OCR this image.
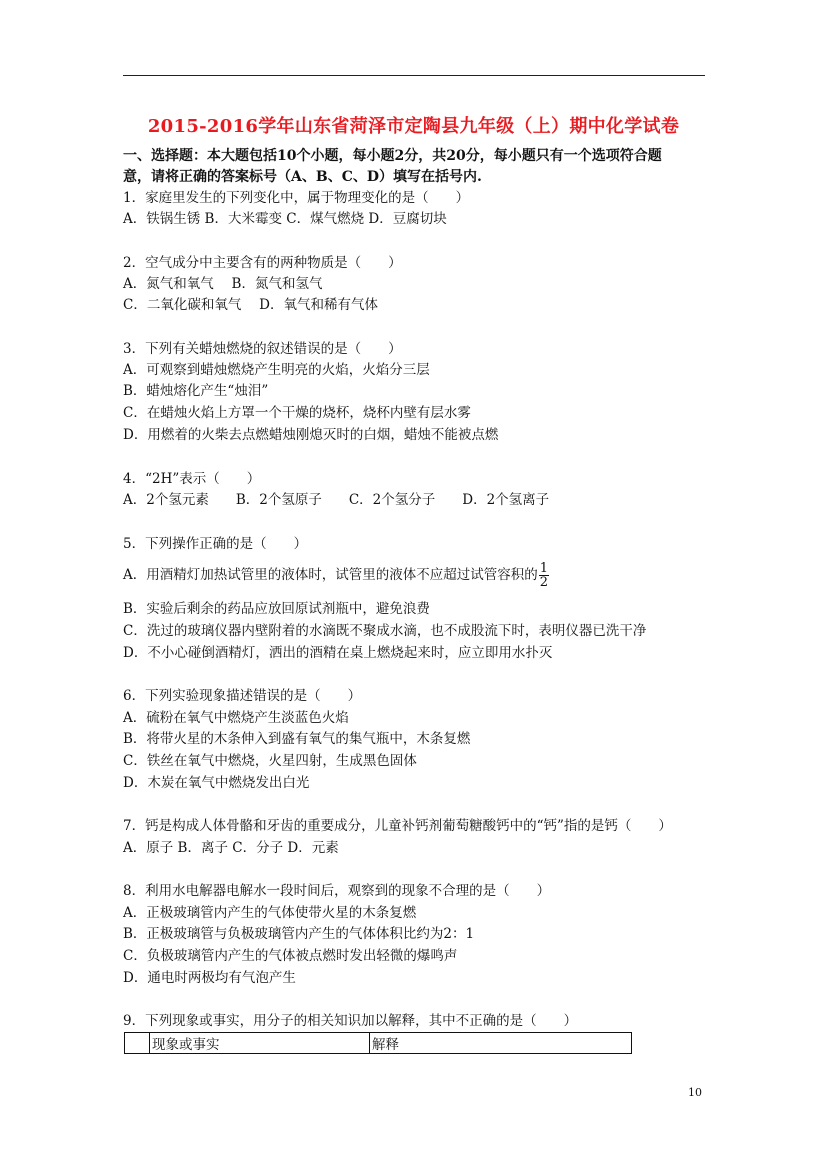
2015-2016学年山东省菏泽市定陶县九年级（上）期中化学试卷
一、选择题：本大题包括10个小题，每小题2分，共20分，每小题只有一个选项符合题
意，请将正确的答案标号（A、B、C、D）填写在括号内.
1．家庭里发生的下列变化中，属于物理变化的是（　　）
A．铁锅生锈 B．大米霉变 C．煤气燃烧 D．豆腐切块
2．空气成分中主要含有的两种物质是（　　）
A．氮气和氧气　 B．氮气和氢气
C．二氧化碳和氧气　 D．氧气和稀有气体
3．下列有关蜡烛燃烧的叙述错误的是（　　）
A．可观察到蜡烛燃烧产生明亮的火焰，火焰分三层
B．蜡烛熔化产生“烛泪”
C．在蜡烛火焰上方罩一个干燥的烧杯，烧杯内壁有层水雾
D．用燃着的火柴去点燃蜡烛刚熄灭时的白烟，蜡烛不能被点燃
4．“2H”表示（　　）
A．2个氢元素　　B．2个氢原子　　C．2个氢分子　　D．2个氢离子
5．下列操作正确的是（　　）
A．用酒精灯加热试管里的液体时，试管里的液体不应超过试管容积的 $\frac{1}{2}$
B．实验后剩余的药品应放回原试剂瓶中，避免浪费
C．洗过的玻璃仪器内壁附着的水滴既不聚成水滴，也不成股流下时，表明仪器已洗干净
D．不小心碰倒酒精灯，洒出的酒精在桌上燃烧起来时，应立即用水扑灭
6．下列实验现象描述错误的是（　　）
A．硫粉在氧气中燃烧产生淡蓝色火焰
B．将带火星的木条伸入到盛有氧气的集气瓶中，木条复燃
C．铁丝在氧气中燃烧，火星四射，生成黑色固体
D．木炭在氧气中燃烧发出白光
7．钙是构成人体骨骼和牙齿的重要成分，儿童补钙剂葡萄糖酸钙中的“钙”指的是钙（　　）
A．原子 B．离子 C．分子 D．元素
8．利用水电解器电解水一段时间后，观察到的现象不合理的是（　　）
A．正极玻璃管内产生的气体使带火星的木条复燃
B．正极玻璃管与负极玻璃管内产生的气体体积比约为2：1
C．负极玻璃管内产生的气体被点燃时发出轻微的爆鸣声
D．通电时两极均有气泡产生
9．下列现象或事实，用分子的相关知识加以解释，其中不正确的是（　　）
	现象或事实	解释
10
